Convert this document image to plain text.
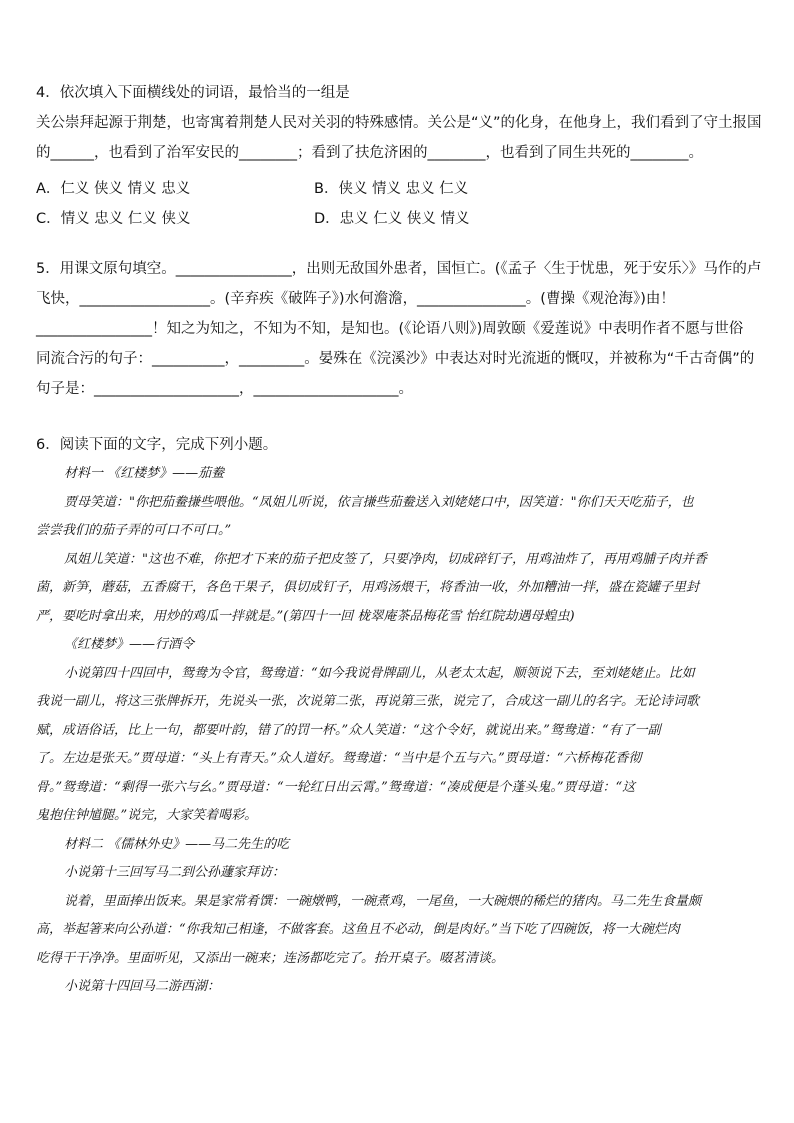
4．依次填入下面横线处的词语，最恰当的一组是
关公崇拜起源于荆楚，也寄寓着荆楚人民对关羽的特殊感情。关公是“义”的化身，在他身上，我们看到了守土报国
的______，也看到了治军安民的________；看到了扶危济困的________，也看到了同生共死的________。
A．仁义 侠义 情义 忠义	B．侠义 情义 忠义 仁义
C．情义 忠义 仁义 侠义	D．忠义 仁义 侠义 情义
5．用课文原句填空。________________，出则无敌国外患者，国恒亡。(《孟子〈生于忧患，死于安乐〉》马作的卢
飞快，__________________。(辛弃疾《破阵子》)水何澹澹，_______________。(曹操《观沧海》)由！
________________！知之为知之，不知为不知，是知也。(《论语八则》)周敦颐《爱莲说》中表明作者不愿与世俗
同流合污的句子：__________，_________。晏殊在《浣溪沙》中表达对时光流逝的慨叹，并被称为“千古奇偶”的
句子是：____________________，____________________。
6．阅读下面的文字，完成下列小题。
材料一 《红楼梦》——茄鲞
贾母笑道："你把茄鲞搛些喂他。“凤姐儿听说，依言搛些茄鲞送入刘姥姥口中，因笑道："你们天天吃茄子，也
尝尝我们的茄子弄的可口不可口。”
凤姐儿笑道："这也不难，你把才下来的茄子把皮签了，只要净肉，切成碎钉子，用鸡油炸了，再用鸡脯子肉并香
菌，新笋，蘑菇，五香腐干，各色干果子，俱切成钉子，用鸡汤煨干，将香油一收，外加糟油一拌，盛在瓷罐子里封
严，要吃时拿出来，用炒的鸡瓜一拌就是。”(第四十一回 栊翠庵茶品梅花雪 怡红院劫遇母蝗虫)
《红楼梦》——行酒令
小说第四十四回中，鸳鸯为令官，鸳鸯道：“如今我说骨牌副儿，从老太太起，顺领说下去，至刘姥姥止。比如
我说一副儿，将这三张牌拆开，先说头一张，次说第二张，再说第三张，说完了，合成这一副儿的名字。无论诗词歌
赋，成语俗话，比上一句，都要叶韵，错了的罚一杯。”众人笑道：“这个令好，就说出来。”鸳鸯道：“有了一副
了。左边是张天。”贾母道：“头上有青天。”众人道好。鸳鸯道：“当中是个五与六。”贾母道：“六桥梅花香彻
骨。”鸳鸯道：“剩得一张六与幺。”贾母道：“一轮红日出云霄。”鸳鸯道：“凑成便是个蓬头鬼。”贾母道：“这
鬼抱住钟馗腿。”说完，大家笑着喝彩。
材料二 《儒林外史》——马二先生的吃
小说第十三回写马二到公孙蘧家拜访：
说着，里面捧出饭来。果是家常肴馔：一碗燉鸭，一碗煮鸡，一尾鱼，一大碗煨的稀烂的猪肉。马二先生食量颇
高，举起箸来向公孙道：“你我知己相逢，不做客套。这鱼且不必动，倒是肉好。”当下吃了四碗饭，将一大碗烂肉
吃得干干净净。里面听见，又添出一碗来；连汤都吃完了。抬开桌子。啜茗清谈。
小说第十四回马二游西湖：
